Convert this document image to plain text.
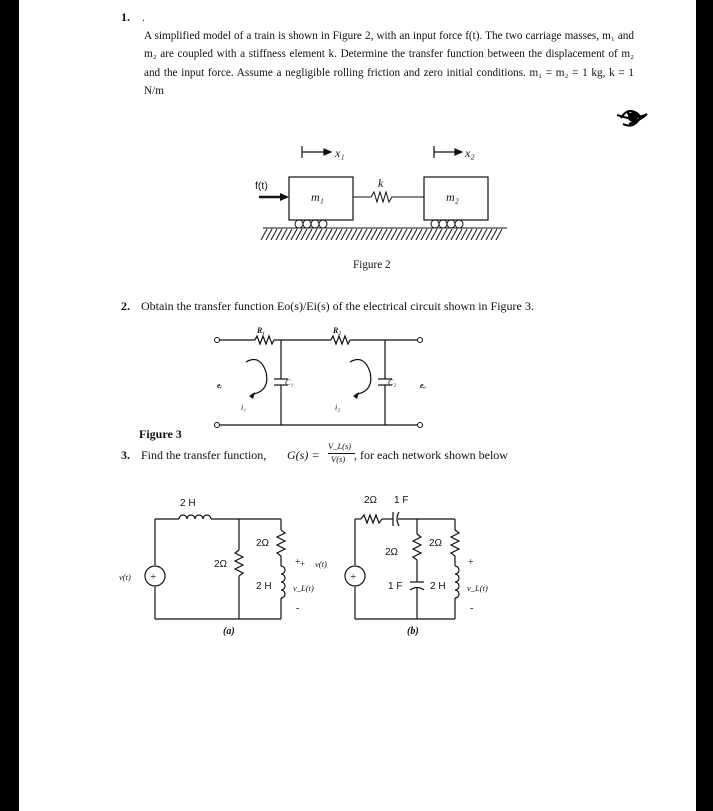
1. .
A simplified model of a train is shown in Figure 2, with an input force f(t). The two carriage masses, m₁ and m₂ are coupled with a stiffness element k. Determine the transfer function between the displacement of m₂ and the input force. Assume a negligible rolling friction and zero initial conditions. m₁ = m₂ = 1 kg, k = 1 N/m
x₁	x₂
f(t)
m₁
k
m₂
Figure 2
2. Obtain the transfer function Eo(s)/Ei(s) of the electrical circuit shown in Figure 3.
R₁	R₂
C₁	C₂
eᵢ	eₒ
i₁	i₂
Figure 3
3. Find the transfer function, G(s) =
V_L(s)
V(s) , for each network shown below
+
v(t)
2 H
2Ω
2Ω
2 H
+
v_L(t)
-
(a)
+
+ v(t)
2Ω 1 F
2Ω
1 F
2Ω
2 H
+
v_L(t)
-
(b)
